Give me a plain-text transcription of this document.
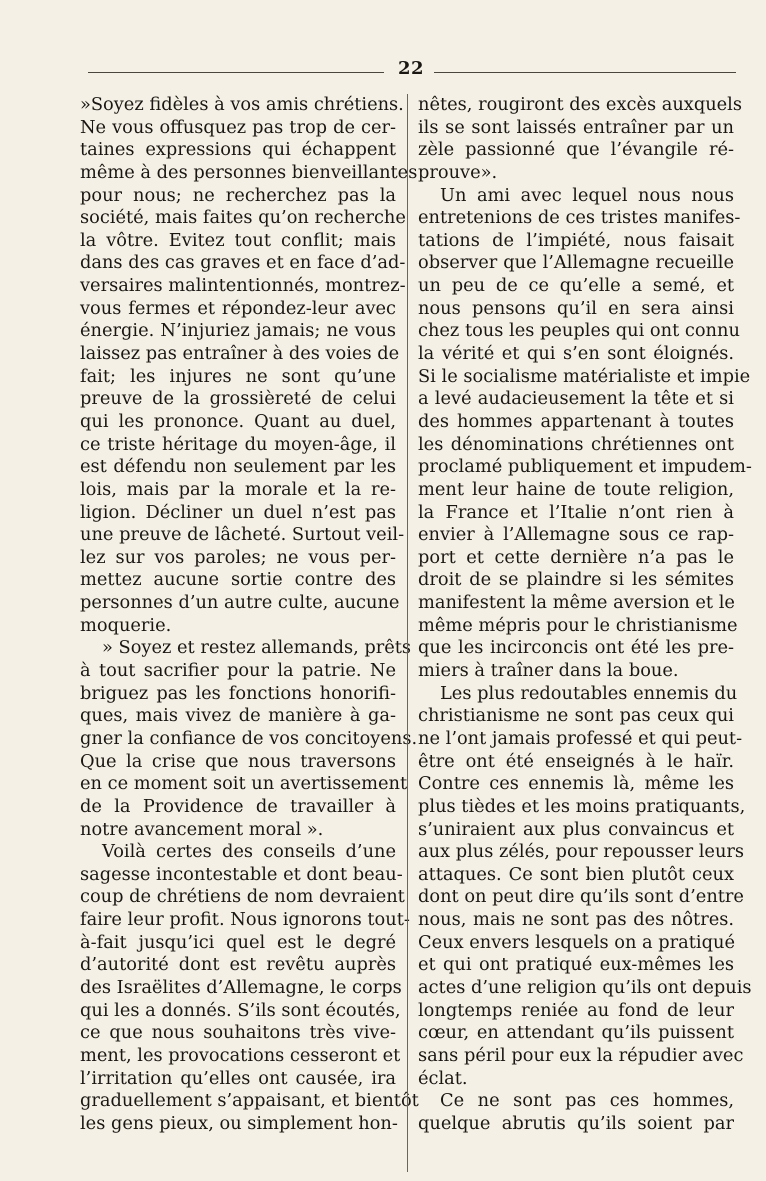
22
»Soyez fidèles à vos amis chrétiens.
Ne vous offusquez pas trop de cer-
taines expressions qui échappent
même à des personnes bienveillantes
pour nous; ne recherchez pas la
société, mais faites qu’on recherche
la vôtre. Evitez tout conflit; mais
dans des cas graves et en face d’ad-
versaires malintentionnés, montrez-
vous fermes et répondez-leur avec
énergie. N’injuriez jamais; ne vous
laissez pas entraîner à des voies de
fait; les injures ne sont qu’une
preuve de la grossièreté de celui
qui les prononce. Quant au duel,
ce triste héritage du moyen-âge, il
est défendu non seulement par les
lois, mais par la morale et la re-
ligion. Décliner un duel n’est pas
une preuve de lâcheté. Surtout veil-
lez sur vos paroles; ne vous per-
mettez aucune sortie contre des
personnes d’un autre culte, aucune
moquerie.
» Soyez et restez allemands, prêts
à tout sacrifier pour la patrie. Ne
briguez pas les fonctions honorifi-
ques, mais vivez de manière à ga-
gner la confiance de vos concitoyens.
Que la crise que nous traversons
en ce moment soit un avertissement
de la Providence de travailler à
notre avancement moral ».
Voilà certes des conseils d’une
sagesse incontestable et dont beau-
coup de chrétiens de nom devraient
faire leur profit. Nous ignorons tout-
à-fait jusqu’ici quel est le degré
d’autorité dont est revêtu auprès
des Israëlites d’Allemagne, le corps
qui les a donnés. S’ils sont écoutés,
ce que nous souhaitons très vive-
ment, les provocations cesseront et
l’irritation qu’elles ont causée, ira
graduellement s’appaisant, et bientôt
les gens pieux, ou simplement hon-
nêtes, rougiront des excès auxquels
ils se sont laissés entraîner par un
zèle passionné que l’évangile ré-
prouve».
Un ami avec lequel nous nous
entretenions de ces tristes manifes-
tations de l’impiété, nous faisait
observer que l’Allemagne recueille
un peu de ce qu’elle a semé, et
nous pensons qu’il en sera ainsi
chez tous les peuples qui ont connu
la vérité et qui s’en sont éloignés.
Si le socialisme matérialiste et impie
a levé audacieusement la tête et si
des hommes appartenant à toutes
les dénominations chrétiennes ont
proclamé publiquement et impudem-
ment leur haine de toute religion,
la France et l’Italie n’ont rien à
envier à l’Allemagne sous ce rap-
port et cette dernière n’a pas le
droit de se plaindre si les sémites
manifestent la même aversion et le
même mépris pour le christianisme
que les incirconcis ont été les pre-
miers à traîner dans la boue.
Les plus redoutables ennemis du
christianisme ne sont pas ceux qui
ne l’ont jamais professé et qui peut-
être ont été enseignés à le haïr.
Contre ces ennemis là, même les
plus tièdes et les moins pratiquants,
s’uniraient aux plus convaincus et
aux plus zélés, pour repousser leurs
attaques. Ce sont bien plutôt ceux
dont on peut dire qu’ils sont d’entre
nous, mais ne sont pas des nôtres.
Ceux envers lesquels on a pratiqué
et qui ont pratiqué eux-mêmes les
actes d’une religion qu’ils ont depuis
longtemps reniée au fond de leur
cœur, en attendant qu’ils puissent
sans péril pour eux la répudier avec
éclat.
Ce ne sont pas ces hommes,
quelque abrutis qu’ils soient par
